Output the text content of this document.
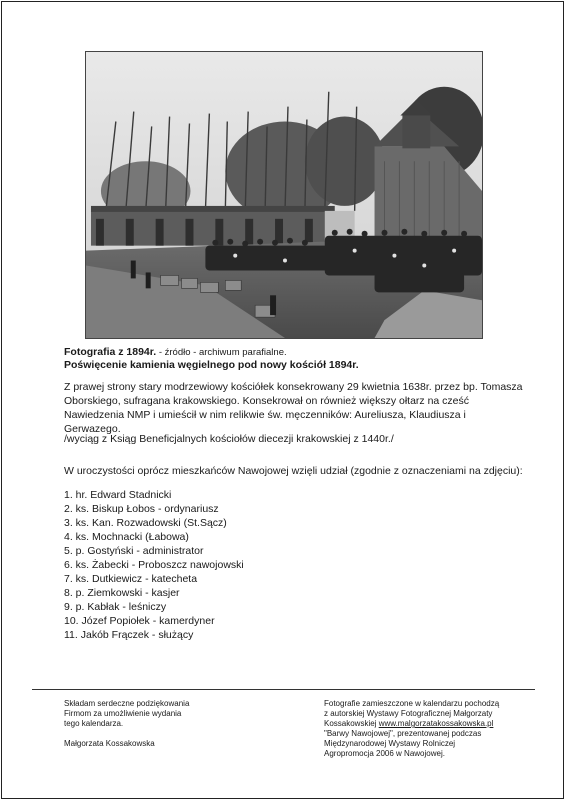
Fotografia z 1894r. - źródło - archiwum parafialne.
Poświęcenie kamienia węgielnego pod nowy kościół 1894r.

Z prawej strony stary modrzewiowy kościółek konsekrowany 29 kwietnia 1638r. przez bp. Tomasza Oborskiego, sufragana krakowskiego. Konsekrował on również większy ołtarz na cześć Nawiedzenia NMP i umieścił w nim relikwie św. męczenników: Aureliusza, Klaudiusza i Gerwazego.

/wyciąg z Ksiąg Beneficjalnych kościołów diecezji krakowskiej z 1440r./

W uroczystości oprócz mieszkańców Nawojowej wzięli udział (zgodnie z oznaczeniami na zdjęciu):

1. hr. Edward Stadnicki
2. ks. Biskup Łobos - ordynariusz
3. ks. Kan. Rozwadowski (St.Sącz)
4. ks. Mochnacki (Łabowa)
5. p. Gostyński - administrator
6. ks. Żabecki - Proboszcz nawojowski
7. ks. Dutkiewicz - katecheta
8. p. Ziemkowski - kasjer
9. p. Kabłak - leśniczy
10. Józef Popiołek - kamerdyner
11. Jakób Frączek - służący
Składam serdeczne podziękowania
Firmom za umożliwienie wydania
tego kalendarza.
Małgorzata Kossakowska
Fotografie zamieszczone w kalendarzu pochodzą
z autorskiej Wystawy Fotograficznej Małgorzaty
Kossakowskiej www.malgorzatakossakowska.pl
"Barwy Nawojowej", prezentowanej podczas
Międzynarodowej Wystawy Rolniczej
Agropromocja 2006 w Nawojowej.
